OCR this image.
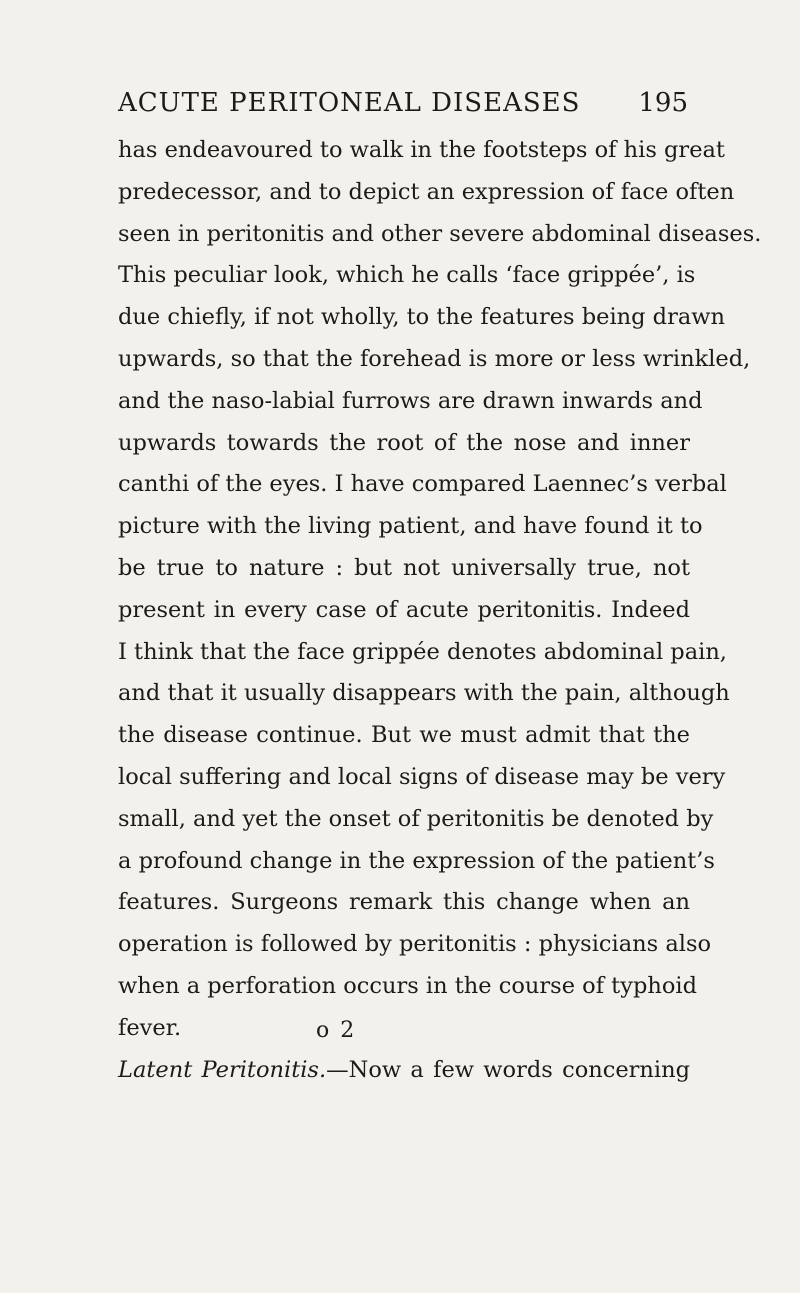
ACUTE PERITONEAL DISEASES 195
has endeavoured to walk in the footsteps of his great
predecessor, and to depict an expression of face often
seen in peritonitis and other severe abdominal diseases.
This peculiar look, which he calls ‘face grippée’, is
due chiefly, if not wholly, to the features being drawn
upwards, so that the forehead is more or less wrinkled,
and the naso-labial furrows are drawn inwards and
upwards towards the root of the nose and inner
canthi of the eyes. I have compared Laennec’s verbal
picture with the living patient, and have found it to
be true to nature : but not universally true, not
present in every case of acute peritonitis. Indeed
I think that the face grippée denotes abdominal pain,
and that it usually disappears with the pain, although
the disease continue. But we must admit that the
local suffering and local signs of disease may be very
small, and yet the onset of peritonitis be denoted by
a profound change in the expression of the patient’s
features. Surgeons remark this change when an
operation is followed by peritonitis : physicians also
when a perforation occurs in the course of typhoid
fever.
Latent Peritonitis.—Now a few words concerning
o 2
